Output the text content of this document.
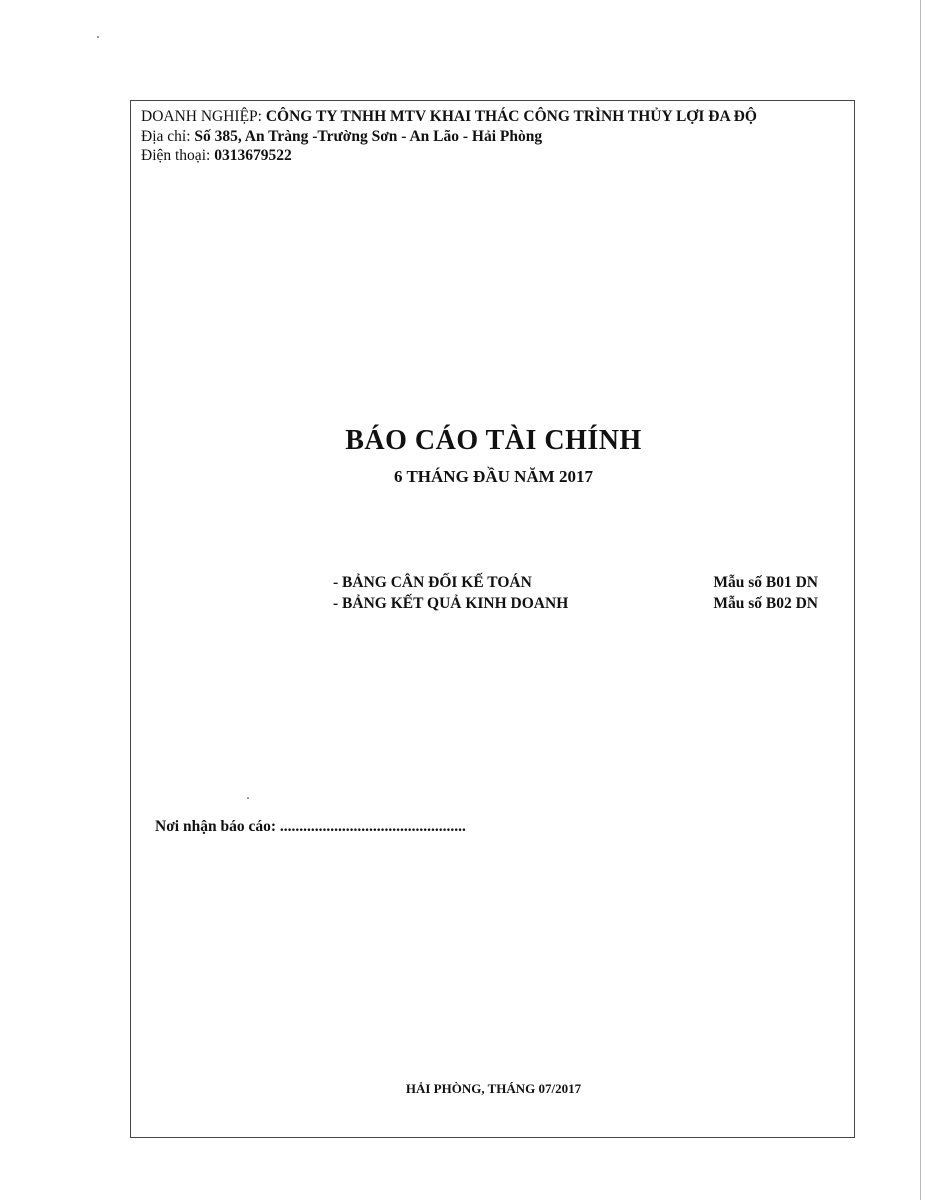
DOANH NGHIỆP: CÔNG TY TNHH MTV KHAI THÁC CÔNG TRÌNH THỦY LỢI ĐA ĐỘ
Địa chỉ: Số 385, An Tràng -Trường Sơn - An Lão - Hải Phòng
Điện thoại: 0313679522
BÁO CÁO TÀI CHÍNH
6 THÁNG ĐẦU NĂM 2017
- BẢNG CÂN ĐỐI KẾ TOÁN	Mẫu số B01 DN
- BẢNG KẾT QUẢ KINH DOANH	Mẫu số B02 DN
Nơi nhận báo cáo: ................................................
HẢI PHÒNG, THÁNG 07/2017
